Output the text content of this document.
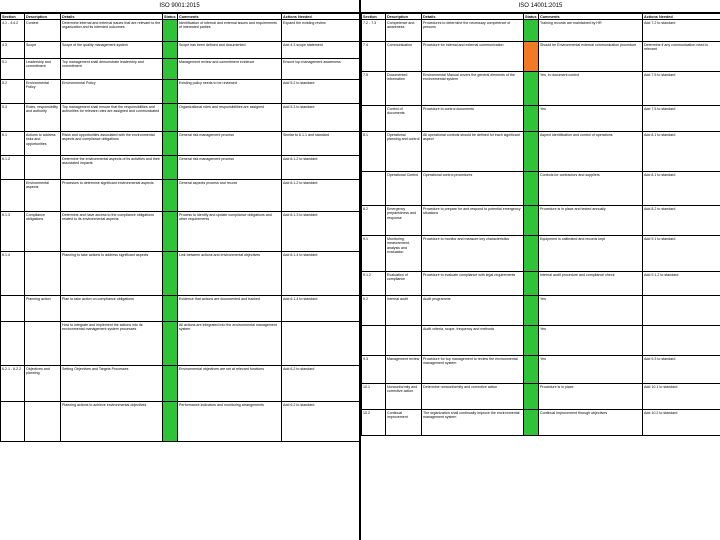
ISO 9001:2015
Section	Description	Details	Status	Comments	Actions Needed
4.1 - 4.4.2	Context	Determine internal and external issues that are relevant to the organization and its intended outcomes		Identification of internal and external issues and requirements of interested parties	Expand the existing review
4.3	Scope	Scope of the quality management system		Scope has been defined and documented	Add 4.3 scope statement
5.1	Leadership and commitment	Top management shall demonstrate leadership and commitment		Management review and commitment evidence	Ensure top management awareness
5.2	Environmental Policy	Environmental Policy		Existing policy needs to be reviewed	Add 5.2 to standard
5.3	Roles, responsibility and authority	Top management shall ensure that the responsibilities and authorities for relevant roles are assigned and communicated		Organizational roles and responsibilities are assigned	Add 5.3 to standard
6.1	Actions to address risks and opportunities	Risks and opportunities associated with the environmental aspects and compliance obligations		General risk management process	Similar to 6.1.1 and standard
6.1.2		Determine the environmental aspects of its activities and their associated impacts		General risk management process	Add 6.1.2 to standard
	Environmental aspects	Processes to determine significant environmental aspects		General aspects process and record	Add 6.1.2 to standard
6.1.3	Compliance obligations	Determine and have access to the compliance obligations related to its environmental aspects		Process to identify and update compliance obligations and other requirements	Add 6.1.3 to standard
6.1.4		Planning to take actions to address significant aspects		Link between actions and environmental objectives	Add 6.1.4 to standard
	Planning action	Plan to take action on compliance obligations		Evidence that actions are documented and tracked	Add 6.1.4 to standard
		How to integrate and implement the actions into its environmental management system processes		All actions are integrated into the environmental management system	
6.2.1 - 6.2.2	Objectives and planning	Setting Objectives and Targets Processes		Environmental objectives are set at relevant functions	Add 6.2 to standard
		Planning actions to achieve environmental objectives		Performance indicators and monitoring arrangements	Add 6.2 to standard
ISO 14001:2015
Section	Description	Details	Status	Comments	Actions Needed
7.2 - 7.3	Competence and awareness	Procedures to determine the necessary competence of persons		Training records are maintained by HR	Add 7.2 to standard
7.4	Communication	Procedure for internal and external communication		Should be Environmental external communication procedure	Determine if any communication need is relevant
7.5	Documented information	Environmental Manual covers the general elements of the environmental system		Yes, in document control	Add 7.5 to standard
	Control of documents	Procedure to control documents		Yes	Add 7.5 to standard
8.1	Operational planning and control	All operational controls should be defined for each significant aspect		Aspect identification and control of operations	Add 8.1 to standard
	Operational Control	Operational control procedures		Controls for contractors and suppliers	Add 8.1 to standard
8.2	Emergency preparedness and response	Procedure to prepare for and respond to potential emergency situations		Procedure is in place and tested annually	Add 8.2 to standard
9.1	Monitoring, measurement, analysis and evaluation	Procedure to monitor and measure key characteristics		Equipment is calibrated and records kept	Add 9.1 to standard
9.1.2	Evaluation of compliance	Procedure to evaluate compliance with legal requirements		Internal audit procedure and compliance check	Add 9.1.2 to standard
9.2	Internal audit	Audit programme		Yes	
		Audit criteria, scope, frequency and methods		Yes	
9.3	Management review	Procedure for top management to review the environmental management system		Yes	Add 9.3 to standard
10.1	Nonconformity and corrective action	Determine nonconformity and corrective action		Procedure is in place	Add 10.1 to standard
10.2	Continual improvement	The organization shall continually improve the environmental management system		Continual improvement through objectives	Add 10.2 to standard
